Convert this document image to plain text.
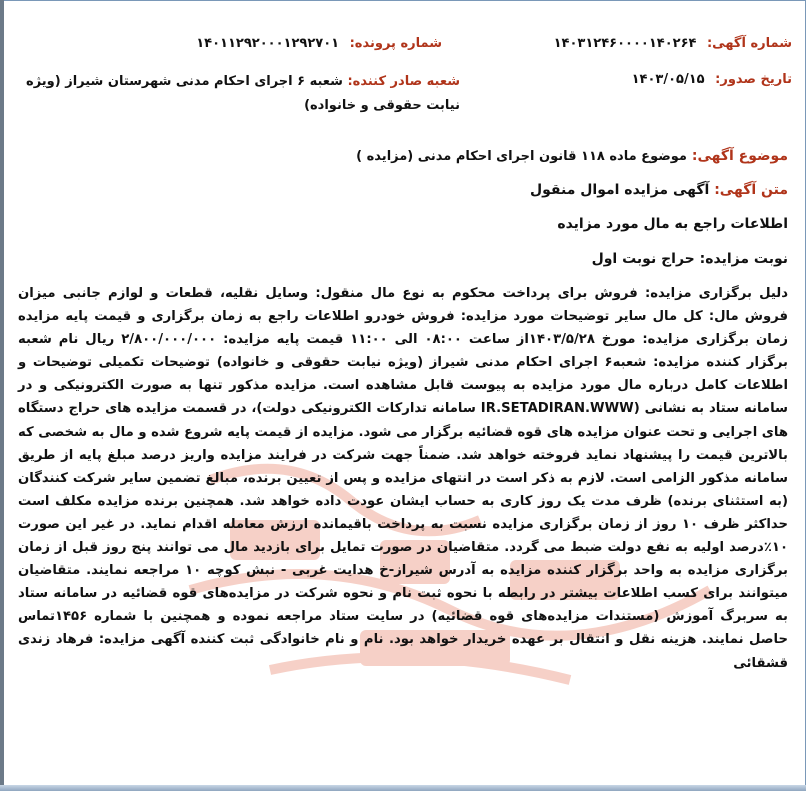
شماره آگهی: ۱۴۰۳۱۲۴۶۰۰۰۰۱۴۰۲۶۴
شماره پرونده: ۱۴۰۱۱۲۹۲۰۰۰۱۲۹۲۷۰۱
تاریخ صدور: ۱۴۰۳/۰۵/۱۵
شعبه صادر کننده: شعبه ۶ اجرای احکام مدنی شهرستان شیراز (ویژه نیابت حقوقی و خانواده)
موضوع آگهی: موضوع ماده ۱۱۸ قانون اجرای احکام مدنی (مزایده )
متن آگهی: آگهی مزایده اموال منقول
اطلاعات راجع به مال مورد مزایده
نوبت مزایده: حراج نوبت اول
دلیل برگزاری مزایده: فروش برای پرداخت محکوم به نوع مال منقول: وسایل نقلیه، قطعات و لوازم جانبی میزان فروش مال: کل مال سایر توضیحات مورد مزایده: فروش خودرو اطلاعات راجع به زمان برگزاری و قیمت پایه مزایده زمان برگزاری مزایده: مورخ ۱۴۰۳/۵/۲۸از ساعت ۰۸:۰۰ الی ۱۱:۰۰ قیمت پایه مزایده: ۲/۸۰۰/۰۰۰/۰۰۰ ریال نام شعبه برگزار کننده مزایده: شعبه۶ اجرای احکام مدنی شیراز (ویژه نیابت حقوقی و خانواده) توضیحات تکمیلی توضیحات و اطلاعات کامل درباره مال مورد مزایده به پیوست قابل مشاهده است. مزایده مذکور تنها به صورت الکترونیکی و در سامانه ستاد به نشانی (IR.SETADIRAN.WWW سامانه تدارکات الکترونیکی دولت)، در قسمت مزایده های حراج دستگاه های اجرایی و تحت عنوان مزایده های قوه قضائیه برگزار می شود. مزایده از قیمت پایه شروع شده و مال به شخصی که بالاترین قیمت را پیشنهاد نماید فروخته خواهد شد. ضمناً جهت شرکت در فرایند مزایده واریز درصد مبلغ پایه از طریق سامانه مذکور الزامی است. لازم به ذکر است در انتهای مزایده و پس از تعیین برنده، مبالغ تضمین سایر شرکت کنندگان (به استثنای برنده) ظرف مدت یک روز کاری به حساب ایشان عودت داده خواهد شد. همچنین برنده مزایده مکلف است حداکثر ظرف ۱۰ روز از زمان برگزاری مزایده نسبت به پرداخت باقیمانده ارزش معامله اقدام نماید. در غیر این صورت ۱۰٪درصد اولیه به نفع دولت ضبط می گردد. متقاضیان در صورت تمایل برای بازدید مال می توانند پنج روز قبل از زمان برگزاری مزایده به واحد برگزار کننده مزایده به آدرس شیراز-خ هدایت غربی - نبش کوچه ۱۰ مراجعه نمایند. متقاضیان میتوانند برای کسب اطلاعات بیشتر در رابطه با نحوه ثبت نام و نحوه شرکت در مزایده‌های قوه قضائیه در سامانه ستاد به سربرگ آموزش (مستندات مزایده‌های قوه قضائیه) در سایت ستاد مراجعه نموده و همچنین با شماره ۱۴۵۶تماس حاصل نمایند. هزینه نقل و انتقال بر عهده خریدار خواهد بود. نام و نام خانوادگی ثبت کننده آگهی مزایده: فرهاد زندی قشقائی
